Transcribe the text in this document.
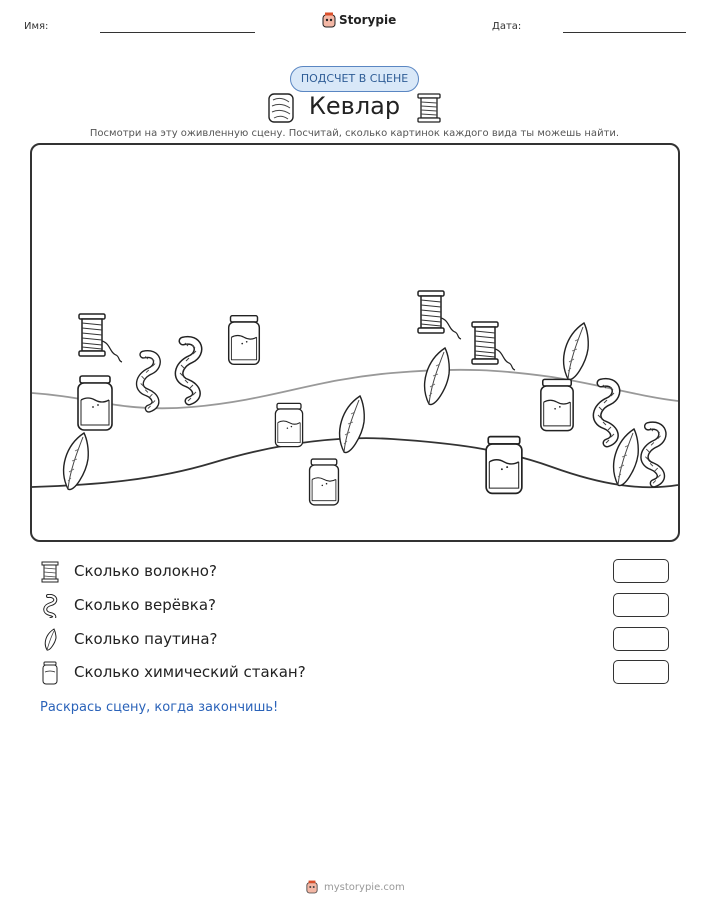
Имя:	Storypie	Дата:
ПОДСЧЕТ В СЦЕНЕ
Кевлар
Посмотри на эту оживленную сцену. Посчитай, сколько картинок каждого вида ты можешь найти.
Сколько волокно?
Сколько верёвка?
Сколько паутина?
Сколько химический стакан?
Раскрась сцену, когда закончишь!
mystorypie.com
